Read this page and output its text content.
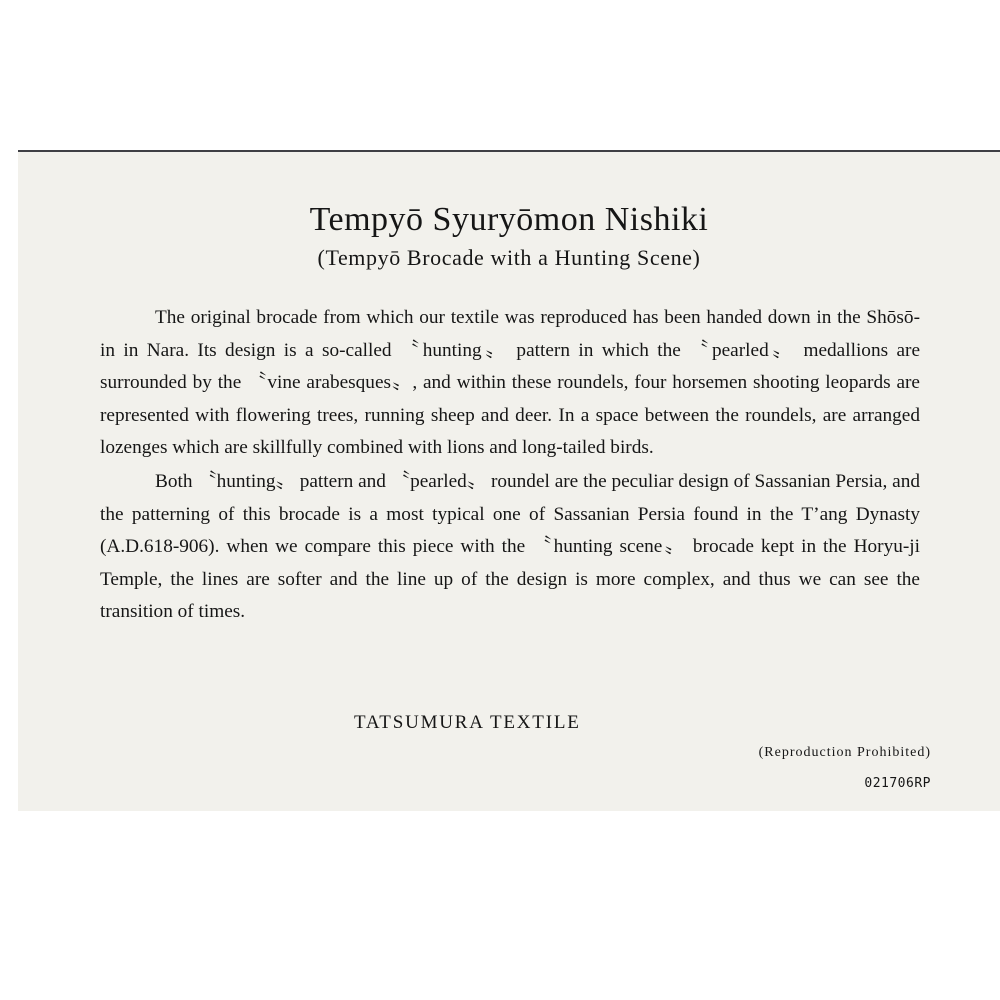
Tempyō Syuryōmon Nishiki

(Tempyō Brocade with a Hunting Scene)

The original brocade from which our textile was reproduced has been handed down in the Shōsō-in in Nara. Its design is a so-called 〝hunting〟 pattern in which the 〝pearled〟 medallions are surrounded by the 〝vine arabesques〟, and within these roundels, four horsemen shooting leopards are represented with flowering trees, running sheep and deer. In a space between the roundels, are arranged lozenges which are skillfully combined with lions and long-tailed birds.

Both 〝hunting〟 pattern and 〝pearled〟 roundel are the peculiar design of Sassanian Persia, and the patterning of this brocade is a most typical one of Sassanian Persia found in the T’ang Dynasty (A.D.618-906). when we compare this piece with the 〝hunting scene〟 brocade kept in the Horyu-ji Temple, the lines are softer and the line up of the design is more complex, and thus we can see the transition of times.

TATSUMURA TEXTILE

(Reproduction Prohibited)

021706RP
